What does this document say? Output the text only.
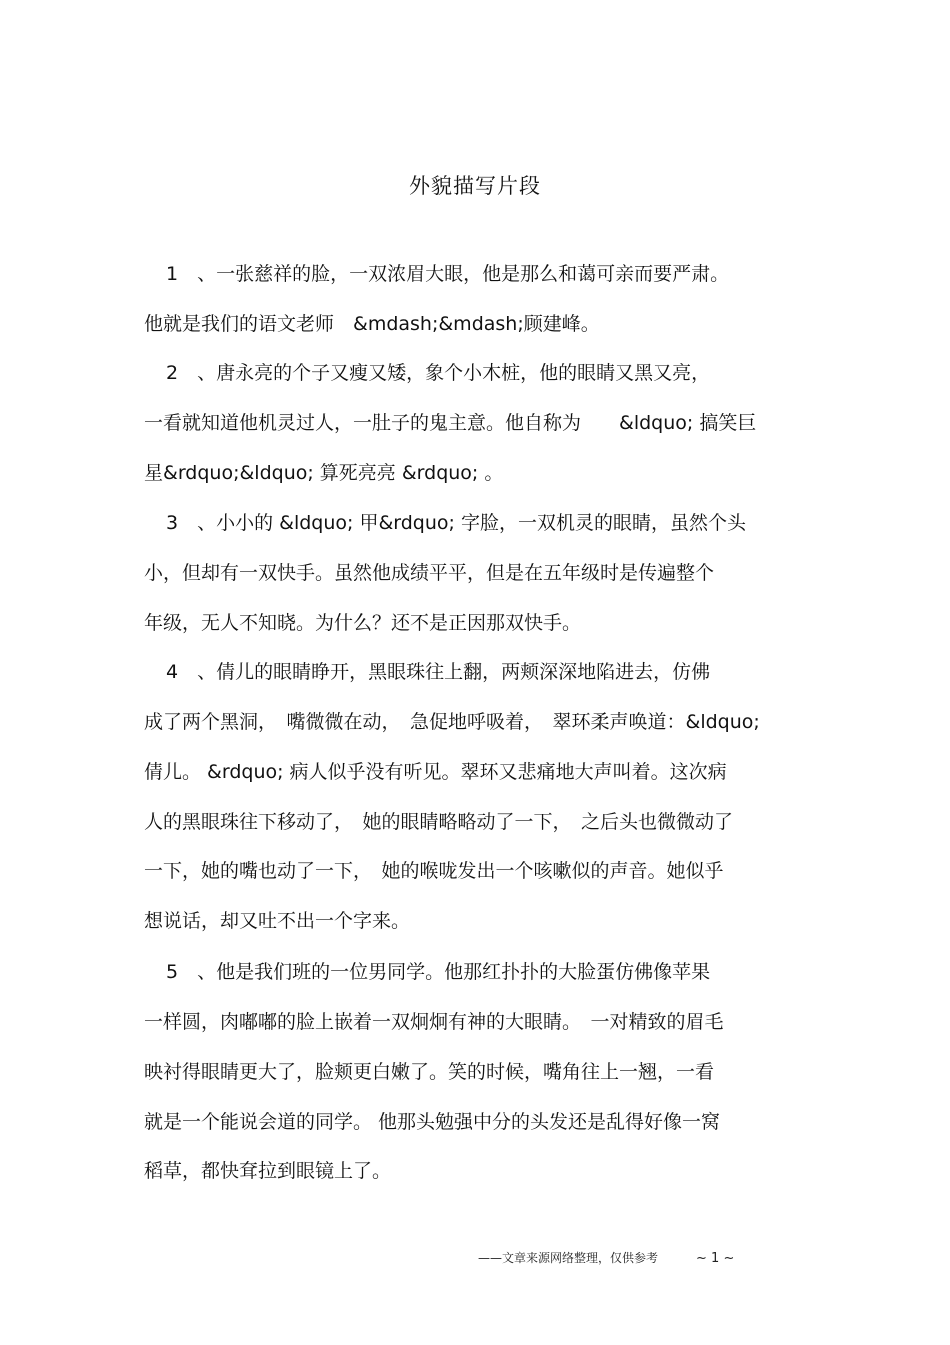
外貌描写片段
1　、一张慈祥的脸，一双浓眉大眼，他是那么和蔼可亲而要严肃。
他就是我们的语文老师　&mdash;&mdash;顾建峰。
2　、唐永亮的个子又瘦又矮，象个小木桩，他的眼睛又黑又亮，
一看就知道他机灵过人，一肚子的鬼主意。他自称为　　&ldquo; 搞笑巨
星&rdquo;&ldquo; 算死亮亮 &rdquo; 。
3　、小小的 &ldquo; 甲&rdquo; 字脸，一双机灵的眼睛，虽然个头
小，但却有一双快手。虽然他成绩平平，但是在五年级时是传遍整个
年级，无人不知晓。为什么？还不是正因那双快手。
4　、倩儿的眼睛睁开，黑眼珠往上翻，两颊深深地陷进去，仿佛
成了两个黑洞，　嘴微微在动，　急促地呼吸着，　翠环柔声唤道：&ldquo;
倩儿。 &rdquo; 病人似乎没有听见。翠环又悲痛地大声叫着。这次病
人的黑眼珠往下移动了，　她的眼睛略略动了一下，　之后头也微微动了
一下，她的嘴也动了一下，　她的喉咙发出一个咳嗽似的声音。她似乎
想说话，却又吐不出一个字来。
5　、他是我们班的一位男同学。他那红扑扑的大脸蛋仿佛像苹果
一样圆，肉嘟嘟的脸上嵌着一双炯炯有神的大眼睛。　一对精致的眉毛
映衬得眼睛更大了，脸颊更白嫩了。笑的时候，嘴角往上一翘，一看
就是一个能说会道的同学。 他那头勉强中分的头发还是乱得好像一窝
稻草，都快耷拉到眼镜上了。
——文章来源网络整理，仅供参考	~ 1 ~
